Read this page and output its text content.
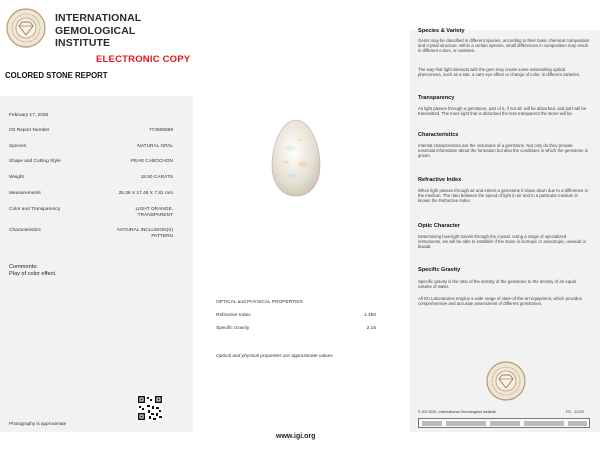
INTERNATIONAL
GEMOLOGICAL
INSTITUTE
ELECTRONIC COPY
COLORED STONE REPORT
February 17, 2026
IGI Report Number	774606668
Species	NATURAL OPAL
Shape and Cutting Style	PEAR CABOCHON
Weight	18.50 CARATS
Measurements	25.39 X 17.46 X 7.81 mm
Color and Transparency	LIGHT ORANGE,
TRANSPARENT
Characteristics	NATURAL INCLUSION(S)
PATTERN
Comments:
Play of color effect.
Photography is approximate
OPTICAL and PHYSICAL PROPERTIES
Refractive Index	1.450
Specific Gravity	2.15
Optical and physical properties are approximate values
www.igi.org
Species & Variety
Gems may be classified in different species, according to their basic chemical composition and crystal structure; within a certain species, small differences in composition may result in different colors, or varieties.
The way that light interacts with the gem may create some astonishing optical phenomena, such as a star, a cat's eye effect or change of color, in different varieties.
Transparency
As light passes through a gemstone, part of it, if not all, will be absorbed, and part will be transmitted. The more light that is absorbed the less transparent the stone will be.
Characteristics
Internal characteristics are the inclusions of a gemstone. Not only do they provide essential information about the formation but also the conditions in which the gemstone is grown.
Refractive Index
When light passes through air and enters a gemstone it slows down due to a difference in the medium. The ratio between the speed of light in air and in a particular medium is known the Refractive Index.
Optic Character
Determining how light travels through the crystal. Using a range of specialized instruments, we will be able to establish if the stone is isotropic or anisotropic, uniaxial or biaxial.
Specific Gravity
Specific gravity is the ratio of the density of the gemstone to the density of an equal volume of water.
All IGI Laboratories employ a wide range of state-of-the-art equipment, which provides comprehensive and accurate assessment of different gemstones.
© IGI 2020, International Gemological Institute	FD - 10/20
